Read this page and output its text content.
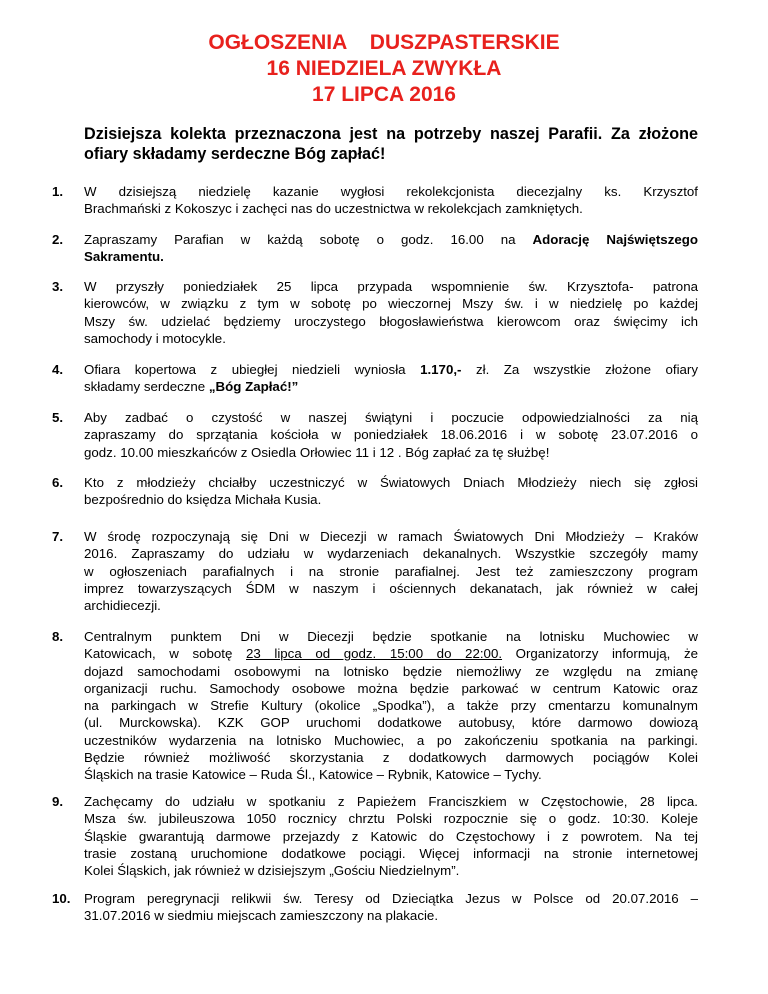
OGŁOSZENIA    DUSZPASTERSKIE
16 NIEDZIELA ZWYKŁA
17 LIPCA 2016
Dzisiejsza kolekta przeznaczona jest na potrzeby naszej Parafii. Za złożone ofiary składamy serdeczne Bóg zapłać!
1. W dzisiejszą niedzielę kazanie wygłosi rekolekcjonista diecezjalny ks. Krzysztof
Brachmański z Kokoszyc i zachęci nas do uczestnictwa w rekolekcjach zamkniętych.
2. Zapraszamy Parafian w każdą sobotę o godz. 16.00 na Adorację Najświętszego
Sakramentu.
3. W przyszły poniedziałek 25 lipca przypada wspomnienie św. Krzysztofa- patrona
kierowców, w związku z tym w sobotę po wieczornej Mszy św. i w niedzielę po każdej
Mszy św. udzielać będziemy uroczystego błogosławieństwa kierowcom oraz święcimy ich
samochody i motocykle.
4. Ofiara kopertowa z ubiegłej niedzieli wyniosła 1.170,- zł. Za wszystkie złożone ofiary
składamy serdeczne „Bóg Zapłać!”
5. Aby zadbać o czystość w naszej świątyni i poczucie odpowiedzialności za nią
zapraszamy do sprzątania kościoła w poniedziałek 18.06.2016 i w sobotę 23.07.2016 o
godz. 10.00 mieszkańców z Osiedla Orłowiec 11 i 12 . Bóg zapłać za tę służbę!
6. Kto z młodzieży chciałby uczestniczyć w Światowych Dniach Młodzieży niech się zgłosi
bezpośrednio do księdza Michała Kusia.
7. W środę rozpoczynają się Dni w Diecezji w ramach Światowych Dni Młodzieży – Kraków
2016. Zapraszamy do udziału w wydarzeniach dekanalnych. Wszystkie szczegóły mamy
w ogłoszeniach parafialnych i na stronie parafialnej. Jest też zamieszczony program
imprez towarzyszących ŚDM w naszym i ościennych dekanatach, jak również w całej
archidiecezji.
8. Centralnym punktem Dni w Diecezji będzie spotkanie na lotnisku Muchowiec w
Katowicach, w sobotę 23 lipca od godz. 15:00 do 22:00. Organizatorzy informują, że
dojazd samochodami osobowymi na lotnisko będzie niemożliwy ze względu na zmianę
organizacji ruchu. Samochody osobowe można będzie parkować w centrum Katowic oraz
na parkingach w Strefie Kultury (okolice „Spodka”), a także przy cmentarzu komunalnym
(ul. Murckowska). KZK GOP uruchomi dodatkowe autobusy, które darmowo dowiozą
uczestników wydarzenia na lotnisko Muchowiec, a po zakończeniu spotkania na parkingi.
Będzie również możliwość skorzystania z dodatkowych darmowych pociągów Kolei
Śląskich na trasie Katowice – Ruda Śl., Katowice – Rybnik, Katowice – Tychy.
9. Zachęcamy do udziału w spotkaniu z Papieżem Franciszkiem w Częstochowie, 28 lipca.
Msza św. jubileuszowa 1050 rocznicy chrztu Polski rozpocznie się o godz. 10:30. Koleje
Śląskie gwarantują darmowe przejazdy z Katowic do Częstochowy i z powrotem. Na tej
trasie zostaną uruchomione dodatkowe pociągi. Więcej informacji na stronie internetowej
Kolei Śląskich, jak również w dzisiejszym „Gościu Niedzielnym”.
10. Program peregrynacji relikwii św. Teresy od Dzieciątka Jezus w Polsce od 20.07.2016 –
31.07.2016 w siedmiu miejscach zamieszczony na plakacie.
